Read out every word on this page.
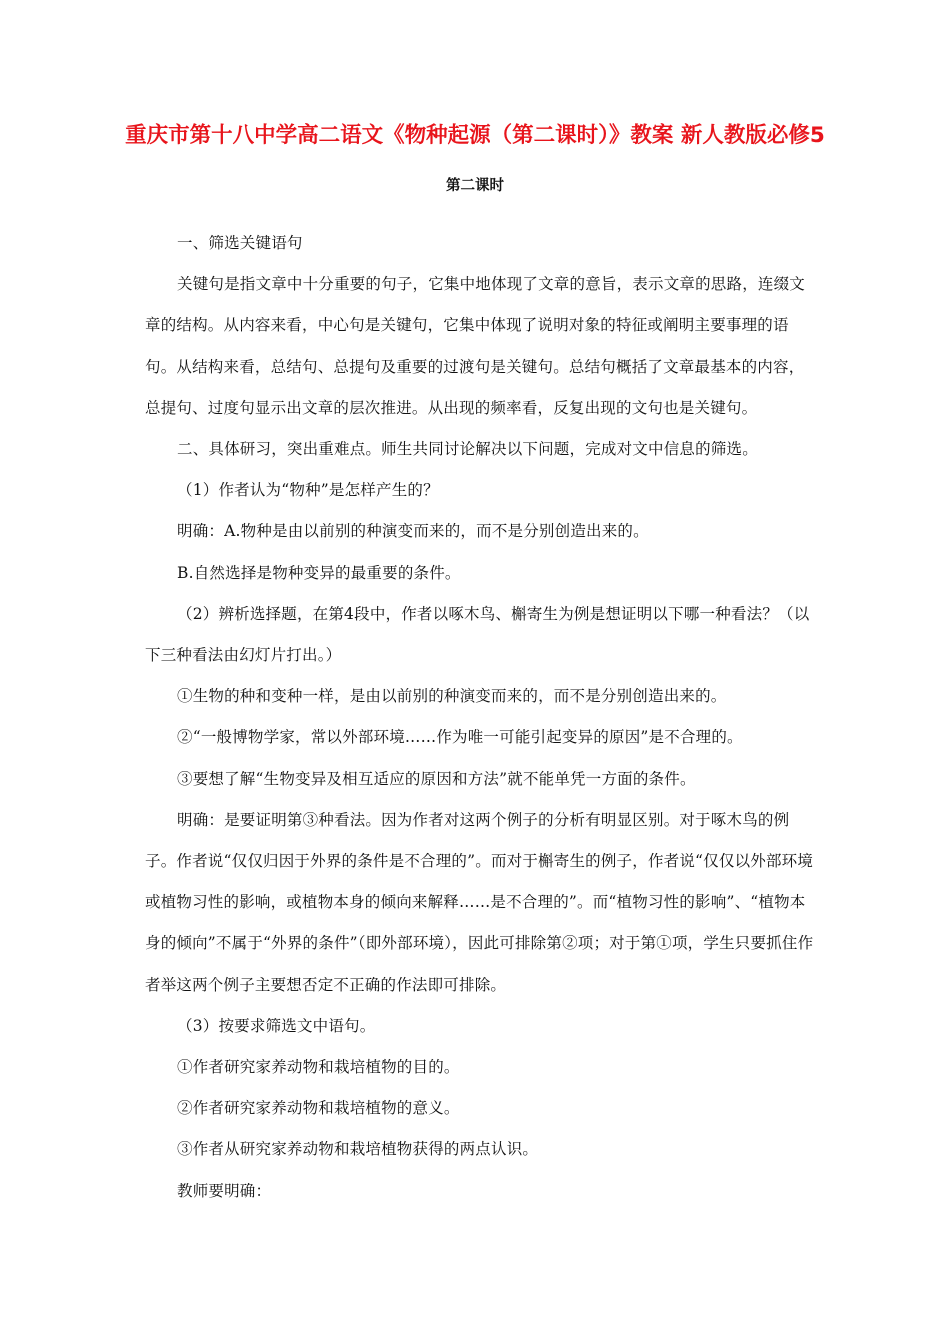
重庆市第十八中学高二语文《物种起源（第二课时）》教案 新人教版必修5
第二课时

一、筛选关键语句

关键句是指文章中十分重要的句子，它集中地体现了文章的意旨，表示文章的思路，连缀文章的结构。从内容来看，中心句是关键句，它集中体现了说明对象的特征或阐明主要事理的语句。从结构来看，总结句、总提句及重要的过渡句是关键句。总结句概括了文章最基本的内容，总提句、过度句显示出文章的层次推进。从出现的频率看，反复出现的文句也是关键句。

二、具体研习，突出重难点。师生共同讨论解决以下问题，完成对文中信息的筛选。

（1）作者认为“物种”是怎样产生的？

明确：A.物种是由以前别的种演变而来的，而不是分别创造出来的。

B.自然选择是物种变异的最重要的条件。

（2）辨析选择题，在第4段中，作者以啄木鸟、槲寄生为例是想证明以下哪一种看法？（以下三种看法由幻灯片打出。）

①生物的种和变种一样，是由以前别的种演变而来的，而不是分别创造出来的。

②“一般博物学家，常以外部环境……作为唯一可能引起变异的原因”是不合理的。

③要想了解“生物变异及相互适应的原因和方法”就不能单凭一方面的条件。

明确：是要证明第③种看法。因为作者对这两个例子的分析有明显区别。对于啄木鸟的例子。作者说“仅仅归因于外界的条件是不合理的”。而对于槲寄生的例子，作者说“仅仅以外部环境或植物习性的影响，或植物本身的倾向来解释……是不合理的”。而“植物习性的影响”、“植物本身的倾向”不属于“外界的条件”（即外部环境），因此可排除第②项；对于第①项，学生只要抓住作者举这两个例子主要想否定不正确的作法即可排除。

（3）按要求筛选文中语句。

①作者研究家养动物和栽培植物的目的。

②作者研究家养动物和栽培植物的意义。

③作者从研究家养动物和栽培植物获得的两点认识。

教师要明确：
